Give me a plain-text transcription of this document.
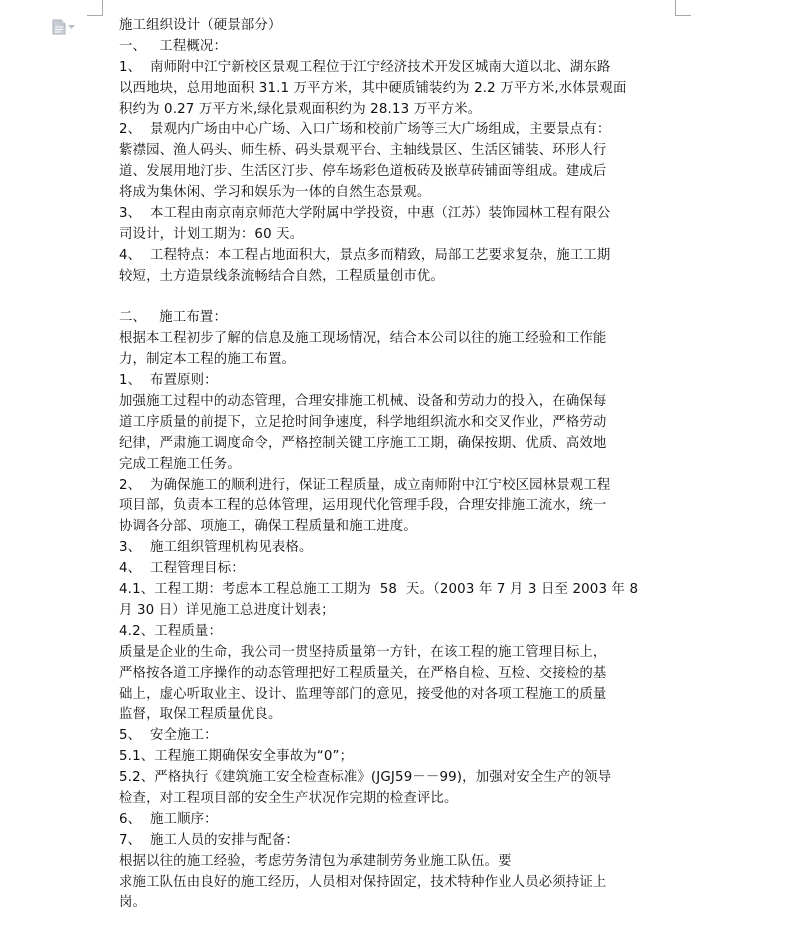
施工组织设计（硬景部分）
一、   工程概况：
1、  南师附中江宁新校区景观工程位于江宁经济技术开发区城南大道以北、湖东路
以西地块，总用地面积 31.1 万平方米，其中硬质铺装约为 2.2 万平方米,水体景观面
积约为 0.27 万平方米,绿化景观面积约为 28.13 万平方米。
2、  景观内广场由中心广场、入口广场和校前广场等三大广场组成，主要景点有：
紫襟园、渔人码头、师生桥、码头景观平台、主轴线景区、生活区铺装、环形人行
道、发展用地汀步、生活区汀步、停车场彩色道板砖及嵌草砖铺面等组成。建成后
将成为集休闲、学习和娱乐为一体的自然生态景观。
3、  本工程由南京南京师范大学附属中学投资，中惠（江苏）装饰园林工程有限公
司设计，计划工期为：60 天。
4、  工程特点：本工程占地面积大，景点多而精致，局部工艺要求复杂，施工工期
较短，土方造景线条流畅结合自然，工程质量创市优。
二、   施工布置：
根据本工程初步了解的信息及施工现场情况，结合本公司以往的施工经验和工作能
力，制定本工程的施工布置。
1、  布置原则：
加强施工过程中的动态管理，合理安排施工机械、设备和劳动力的投入，在确保每
道工序质量的前提下，立足抢时间争速度，科学地组织流水和交叉作业，严格劳动
纪律，严肃施工调度命令，严格控制关键工序施工工期，确保按期、优质、高效地
完成工程施工任务。
2、  为确保施工的顺利进行，保证工程质量，成立南师附中江宁校区园林景观工程
项目部，负责本工程的总体管理，运用现代化管理手段，合理安排施工流水，统一
协调各分部、项施工，确保工程质量和施工进度。
3、  施工组织管理机构见表格。
4、  工程管理目标：
4.1、工程工期：考虑本工程总施工工期为  58  天。（2003 年 7 月 3 日至 2003 年 8
月 30 日）详见施工总进度计划表；
4.2、工程质量：
质量是企业的生命，我公司一贯坚持质量第一方针，在该工程的施工管理目标上，
严格按各道工序操作的动态管理把好工程质量关，在严格自检、互检、交接检的基
础上，虚心听取业主、设计、监理等部门的意见，接受他的对各项工程施工的质量
监督，取保工程质量优良。
5、  安全施工：
5.1、工程施工期确保安全事故为“0”；
5.2、严格执行《建筑施工安全检查标准》(JGJ59－－99)，加强对安全生产的领导
检查，对工程项目部的安全生产状况作完期的检查评比。
6、  施工顺序：
7、  施工人员的安排与配备：
根据以往的施工经验，考虑劳务清包为承建制劳务业施工队伍。要
求施工队伍由良好的施工经历，人员相对保持固定，技术特种作业人员必须持证上
岗。
